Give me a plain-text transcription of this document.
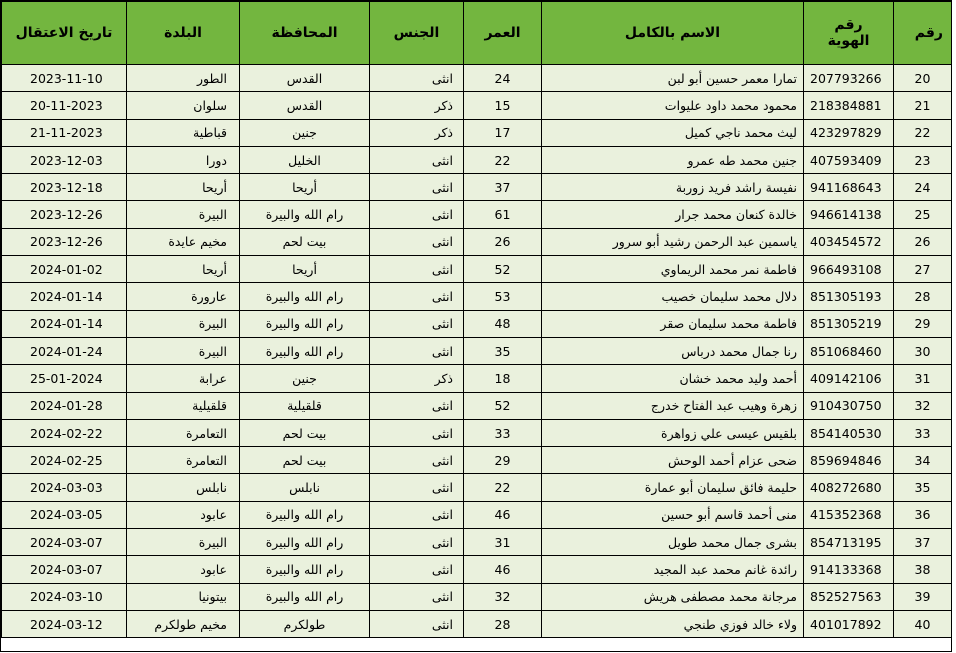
رقم	رقم الهوية	الاسم بالكامل	العمر	الجنس	المحافظة	البلدة	تاريخ الاعتقال
20	207793266	تمارا معمر حسين أبو لبن	24	انثى	القدس	الطور	2023-11-10
21	218384881	محمود محمد داود عليوات	15	ذكر	القدس	سلوان	20-11-2023
22	423297829	ليث محمد ناجي كميل	17	ذكر	جنين	قباطية	21-11-2023
23	407593409	جنين محمد طه عمرو	22	انثى	الخليل	دورا	2023-12-03
24	941168643	نفيسة راشد فريد زوربة	37	انثى	أريحا	أريحا	2023-12-18
25	946614138	خالدة كنعان محمد جرار	61	انثى	رام الله والبيرة	البيرة	2023-12-26
26	403454572	ياسمين عبد الرحمن رشيد أبو سرور	26	انثى	بيت لحم	مخيم عايدة	2023-12-26
27	966493108	فاطمة نمر محمد الريماوي	52	انثى	أريحا	أريحا	2024-01-02
28	851305193	دلال محمد سليمان خصيب	53	انثى	رام الله والبيرة	عارورة	2024-01-14
29	851305219	فاطمة محمد سليمان صقر	48	انثى	رام الله والبيرة	البيرة	2024-01-14
30	851068460	رنا جمال محمد درباس	35	انثى	رام الله والبيرة	البيرة	2024-01-24
31	409142106	أحمد وليد محمد خشان	18	ذكر	جنين	عرابة	25-01-2024
32	910430750	زهرة وهيب عبد الفتاح خدرج	52	انثى	قلقيلية	قلقيلية	2024-01-28
33	854140530	بلقيس عيسى علي زواهرة	33	انثى	بيت لحم	التعامرة	2024-02-22
34	859694846	ضحى عزام أحمد الوحش	29	انثى	بيت لحم	التعامرة	2024-02-25
35	408272680	حليمة فائق سليمان أبو عمارة	22	انثى	نابلس	نابلس	2024-03-03
36	415352368	منى أحمد قاسم أبو حسين	46	انثى	رام الله والبيرة	عابود	2024-03-05
37	854713195	بشرى جمال محمد طويل	31	انثى	رام الله والبيرة	البيرة	2024-03-07
38	914133368	رائدة غانم محمد عبد المجيد	46	انثى	رام الله والبيرة	عابود	2024-03-07
39	852527563	مرجانة محمد مصطفى هريش	32	انثى	رام الله والبيرة	بيتونيا	2024-03-10
40	401017892	ولاء خالد فوزي طنجي	28	انثى	طولكرم	مخيم طولكرم	2024-03-12
